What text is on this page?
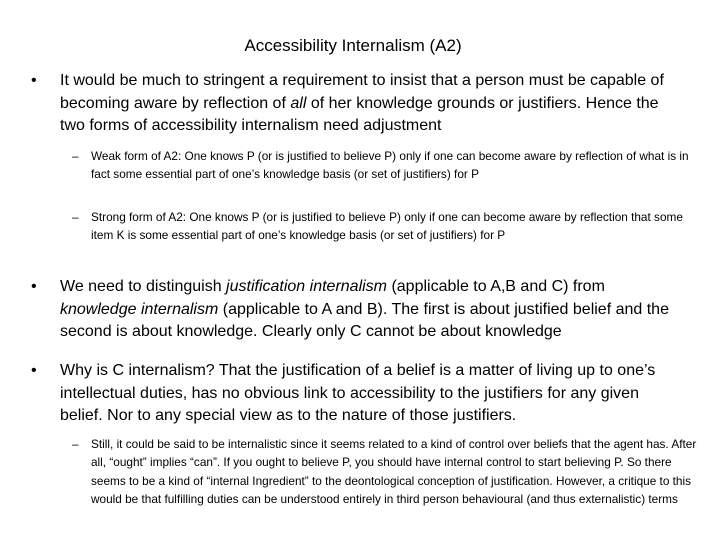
Accessibility Internalism (A2)
• It would be much to stringent a requirement to insist that a person must be capable of becoming aware by reflection of all of her knowledge grounds or justifiers. Hence the two forms of accessibility internalism need adjustment
– Weak form of A2: One knows P (or is justified to believe P) only if one can become aware by reflection of what is in fact some essential part of one’s knowledge basis (or set of justifiers) for P
– Strong form of A2: One knows P (or is justified to believe P) only if one can become aware by reflection that some item K is some essential part of one’s knowledge basis (or set of justifiers) for P
• We need to distinguish justification internalism (applicable to A,B and C) from knowledge internalism (applicable to A and B). The first is about justified belief and the second is about knowledge. Clearly only C cannot be about knowledge
• Why is C internalism? That the justification of a belief is a matter of living up to one’s intellectual duties, has no obvious link to accessibility to the justifiers for any given belief. Nor to any special view as to the nature of those justifiers.
– Still, it could be said to be internalistic since it seems related to a kind of control over beliefs that the agent has. After all, “ought” implies “can”. If you ought to believe P, you should have internal control to start believing P. So there seems to be a kind of “internal Ingredient” to the deontological conception of justification. However, a critique to this would be that fulfilling duties can be understood entirely in third person behavioural (and thus externalistic) terms
